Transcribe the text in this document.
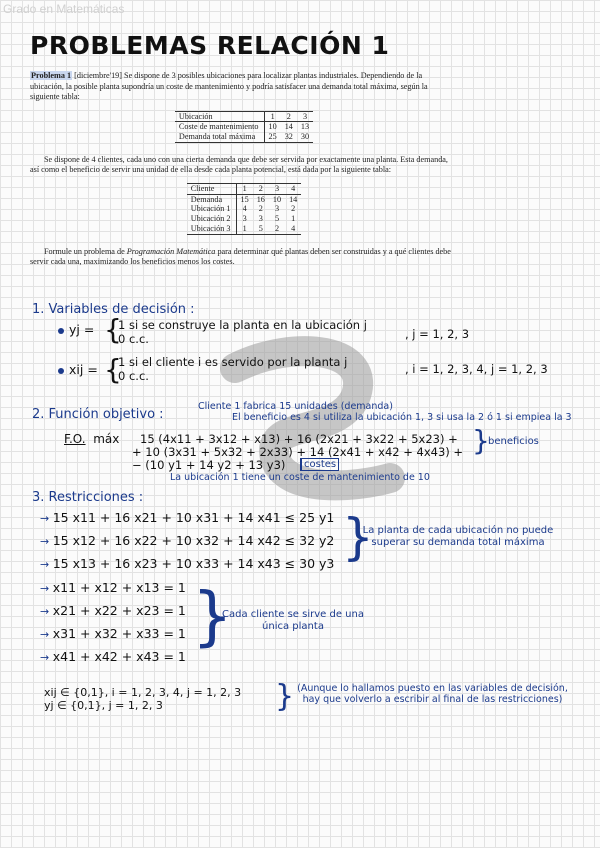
Grado en Matemáticas
PROBLEMAS RELACIÓN 1
Problema 1 [diciembre'19] Se dispone de 3 posibles ubicaciones para localizar plantas industriales. Dependiendo de la ubicación, la posible planta supondría un coste de mantenimiento y podría satisfacer una demanda total máxima, según la siguiente tabla:
Ubicación	1	2	3
Coste de mantenimiento	10	14	13
Demanda total máxima	25	32	30
Se dispone de 4 clientes, cada uno con una cierta demanda que debe ser servida por exactamente una planta. Esta demanda, así como el beneficio de servir una unidad de ella desde cada planta potencial, está dada por la siguiente tabla:
Cliente	1	2	3	4
Demanda	15	16	10	14
Ubicación 1	4	2	3	2
Ubicación 2	3	3	5	1
Ubicación 3	1	5	2	4
Formule un problema de Programación Matemática para determinar qué plantas deben ser construidas y a qué clientes debe servir cada una, maximizando los beneficios menos los costes.
1. Variables de decisión :
yj = {
1 si se construye la planta en la ubicación j
0 c.c.	, j = 1, 2, 3
xij = {
1 si el cliente i es servido por la planta j
0 c.c.	, i = 1, 2, 3, 4, j = 1, 2, 3
2. Función objetivo :
Cliente 1 fabrica 15 unidades (demanda)
El beneficio es 4 si utiliza la ubicación 1, 3 si usa la 2 ó 1 si empiea la 3
F.O. máx 15 (4x11 + 3x12 + x13) + 16 (2x21 + 3x22 + 5x23) +
+ 10 (3x31 + 5x32 + 2x33) + 14 (2x41 + x42 + 4x43) +
− (10 y1 + 14 y2 + 13 y3)
}
beneficios
costes
La ubicación 1 tiene un coste de mantenimiento de 10
3. Restricciones :
→ 15 x11 + 16 x21 + 10 x31 + 14 x41 ≤ 25 y1
→ 15 x12 + 16 x22 + 10 x32 + 14 x42 ≤ 32 y2
→ 15 x13 + 16 x23 + 10 x33 + 14 x43 ≤ 30 y3 }
La planta de cada ubicación no puede superar su demanda total máxima
→ x11 + x12 + x13 = 1
→ x21 + x22 + x23 = 1
→ x31 + x32 + x33 = 1
→ x41 + x42 + x43 = 1
}
Cada cliente se sirve de una única planta
xij ∈ {0,1}, i = 1, 2, 3, 4, j = 1, 2, 3
yj ∈ {0,1}, j = 1, 2, 3	} (Aunque lo hallamos puesto en las variables de decisión, hay que volverlo a escribir al final de las restricciones)
